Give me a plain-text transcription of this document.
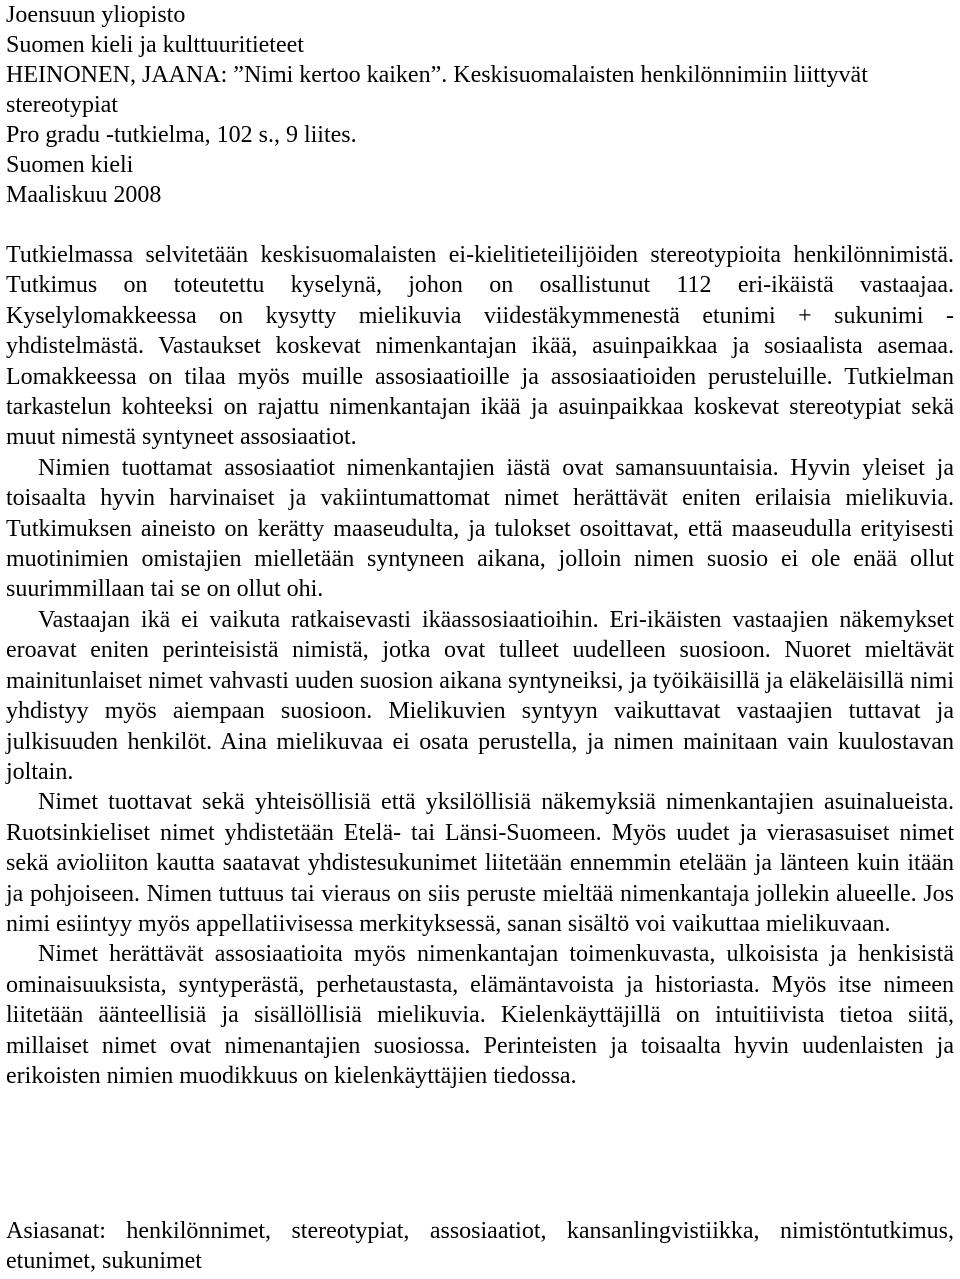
Joensuun yliopisto
Suomen kieli ja kulttuuritieteet
HEINONEN, JAANA: ”Nimi kertoo kaiken”. Keskisuomalaisten henkilönnimiin liittyvät
stereotypiat
Pro gradu -tutkielma, 102 s., 9 liites.
Suomen kieli
Maaliskuu 2008

Tutkielmassa selvitetään keskisuomalaisten ei-kielitieteilijöiden stereotypioita henkilönnimistä. Tutkimus on toteutettu kyselynä, johon on osallistunut 112 eri-ikäistä vastaajaa. Kyselylomakkeessa on kysytty mielikuvia viidestäkymmenestä etunimi + sukunimi -yhdistelmästä. Vastaukset koskevat nimenkantajan ikää, asuinpaikkaa ja sosiaalista asemaa. Lomakkeessa on tilaa myös muille assosiaatioille ja assosiaatioiden perusteluille. Tutkielman tarkastelun kohteeksi on rajattu nimenkantajan ikää ja asuinpaikkaa koskevat stereotypiat sekä muut nimestä syntyneet assosiaatiot.

Nimien tuottamat assosiaatiot nimenkantajien iästä ovat samansuuntaisia. Hyvin yleiset ja toisaalta hyvin harvinaiset ja vakiintumattomat nimet herättävät eniten erilaisia mielikuvia. Tutkimuksen aineisto on kerätty maaseudulta, ja tulokset osoittavat, että maaseudulla erityisesti muotinimien omistajien mielletään syntyneen aikana, jolloin nimen suosio ei ole enää ollut suurimmillaan tai se on ollut ohi.

Vastaajan ikä ei vaikuta ratkaisevasti ikäassosiaatioihin. Eri-ikäisten vastaajien näkemykset eroavat eniten perinteisistä nimistä, jotka ovat tulleet uudelleen suosioon. Nuoret mieltävät mainitunlaiset nimet vahvasti uuden suosion aikana syntyneiksi, ja työikäisillä ja eläkeläisillä nimi yhdistyy myös aiempaan suosioon. Mielikuvien syntyyn vaikuttavat vastaajien tuttavat ja julkisuuden henkilöt. Aina mielikuvaa ei osata perustella, ja nimen mainitaan vain kuulostavan joltain.

Nimet tuottavat sekä yhteisöllisiä että yksilöllisiä näkemyksiä nimenkantajien asuinalueista. Ruotsinkieliset nimet yhdistetään Etelä- tai Länsi-Suomeen. Myös uudet ja vierasasuiset nimet sekä avioliiton kautta saatavat yhdistesukunimet liitetään ennemmin etelään ja länteen kuin itään ja pohjoiseen. Nimen tuttuus tai vieraus on siis peruste mieltää nimenkantaja jollekin alueelle. Jos nimi esiintyy myös appellatiivisessa merkityksessä, sanan sisältö voi vaikuttaa mielikuvaan.

Nimet herättävät assosiaatioita myös nimenkantajan toimenkuvasta, ulkoisista ja henkisistä ominaisuuksista, syntyperästä, perhetaustasta, elämäntavoista ja historiasta. Myös itse nimeen liitetään äänteellisiä ja sisällöllisiä mielikuvia. Kielenkäyttäjillä on intuitiivista tietoa siitä, millaiset nimet ovat nimenantajien suosiossa. Perinteisten ja toisaalta hyvin uudenlaisten ja erikoisten nimien muodikkuus on kielenkäyttäjien tiedossa.

Asiasanat: henkilönnimet, stereotypiat, assosiaatiot, kansanlingvistiikka, nimistöntutkimus, etunimet, sukunimet
